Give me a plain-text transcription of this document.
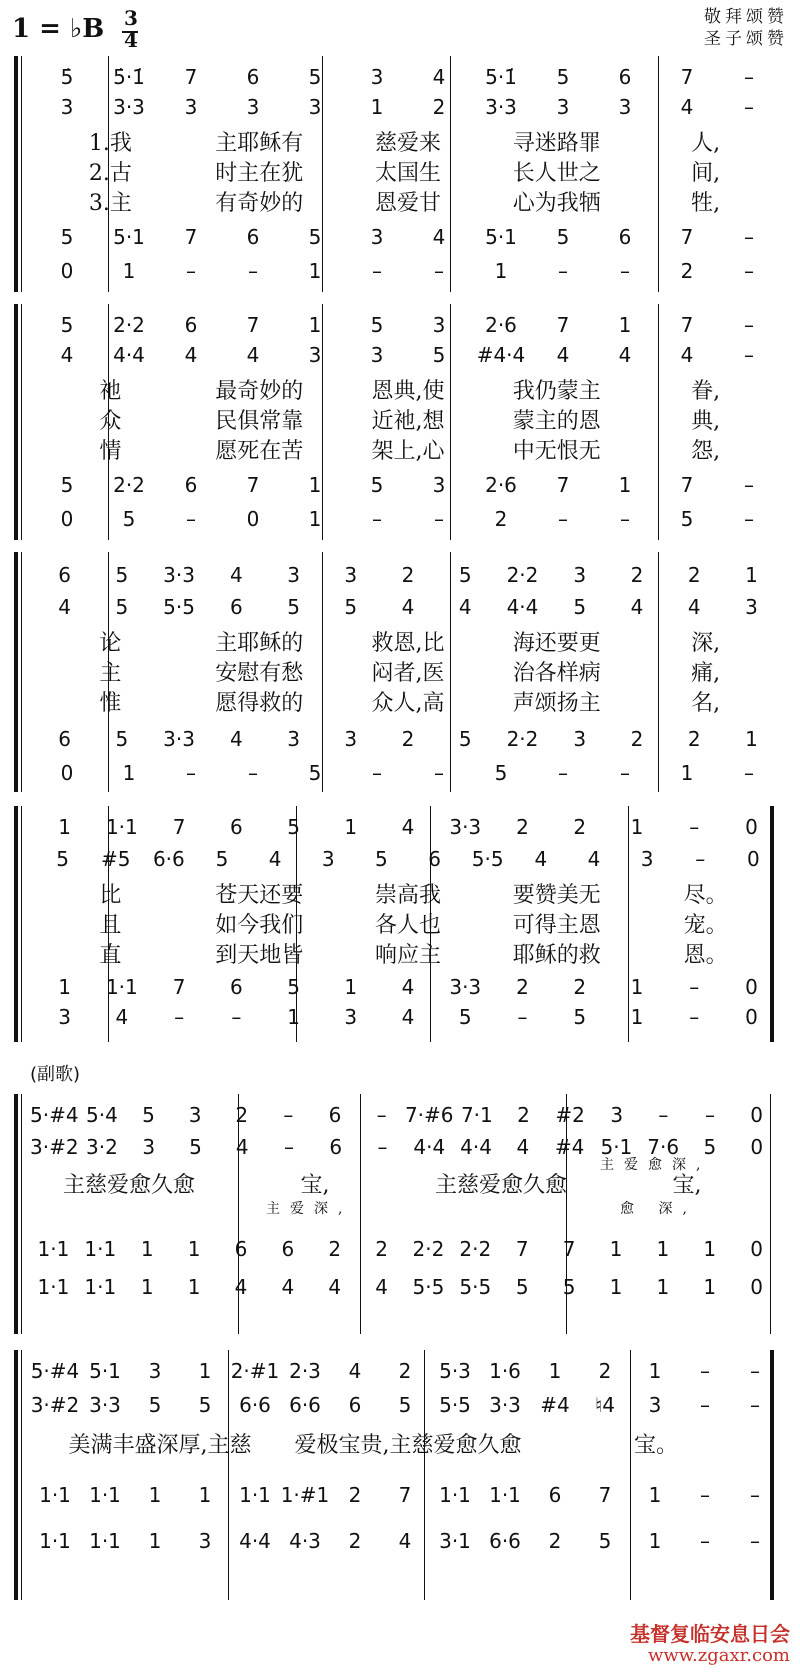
1 = ♭B 3
4
敬拜颂赞
圣子颂赞
5̇	5̇·1̇	7	6	5	3	4	5·1̇	5	6	7	–
3	3·3	3	3	3	1	2	3·3	3	3	4	–
1.我	主耶稣有	慈爱来	寻迷路罪	人,
2.古	时主在犹	太国生	长人世之	间,
3.主	有奇妙的	恩爱甘	心为我牺	牲,
5	5·1	7	6	5	3	4	5·1	5	6	7	–
0	1	–	–	1	–	–	1	–	–	2	–
5	2·2	6	7	1	5	3	2·6	7	1	7	–
4	4·4	4	4	3	3	5	#4·4	4	4	4	–
祂	最奇妙的	恩典,使	我仍蒙主	眷,
众	民俱常靠	近祂,想	蒙主的恩	典,
情	愿死在苦	架上,心	中无恨无	怨,
5	2·2	6	7	1	5	3	2·6	7	1	7	–
0	5	–	0	1	–	–	2	–	–	5	–
6	5	3·3	4	3	3	2	5	2·2	3	2	2	1
4	5	5·5	6	5	5	4	4	4·4	5	4	4	3
论	主耶稣的	救恩,比	海还要更	深,
主	安慰有愁	闷者,医	治各样病	痛,
惟	愿得救的	众人,高	声颂扬主	名,
6	5	3·3	4	3	3	2	5	2·2	3	2	2	1
0	1	–	–	5	–	–	5	–	–	1	–
1	1·1	7	6	5	1	4	3·3	2	2	1	–	0
5	#5	6·6	5	4	3	5	6	5·5	4	4	3	–	0
比	苍天还要	崇高我	要赞美无	尽。
且	如今我们	各人也	可得主恩	宠。
直	到天地皆	响应主	耶稣的救	恩。
1	1·1	7	6	5	1	4	3·3	2	2	1	–	0
3	4	–	–	1	3	4	5	–	5	1	–	0
(副歌)
5·#4 5·4	5	3	2	–	6	– 7·#6 7·1	2	#2	3	–	–	0
3·#2 3·2	3	5	4	–	6	–	4·4 4·4	4	#4 5·1 7·6	5	0
主慈爱愈久愈	宝,	主慈爱愈久愈	宝,
主爱愈深,
主爱深,	愈 深,
1·1 1·1	1	1	6	6	2	2	2·2 2·2	7	7	1	1	1	0
1·1 1·1	1	1	4	4	4	4	5·5 5·5	5	5	1	1	1	0
5·#4 5·1	3	1 2·#1 2·3	4	2	5·3 1·6	1	2	1	–	–
3·#2 3·3	5	5	6·6 6·6	6	5	5·5 3·3 #4	♮4	3	–	–
美满丰盛深厚,主慈	爱极宝贵,主慈爱愈久愈	宝。
1·1 1·1	1	1	1·1 1·#1 2	7	1·1 1·1	6	7	1	–	–
1·1 1·1	1	3	4·4 4·3	2	4	3·1 6·6	2	5	1	–	–
基督复临安息日会
www.zgaxr.com
